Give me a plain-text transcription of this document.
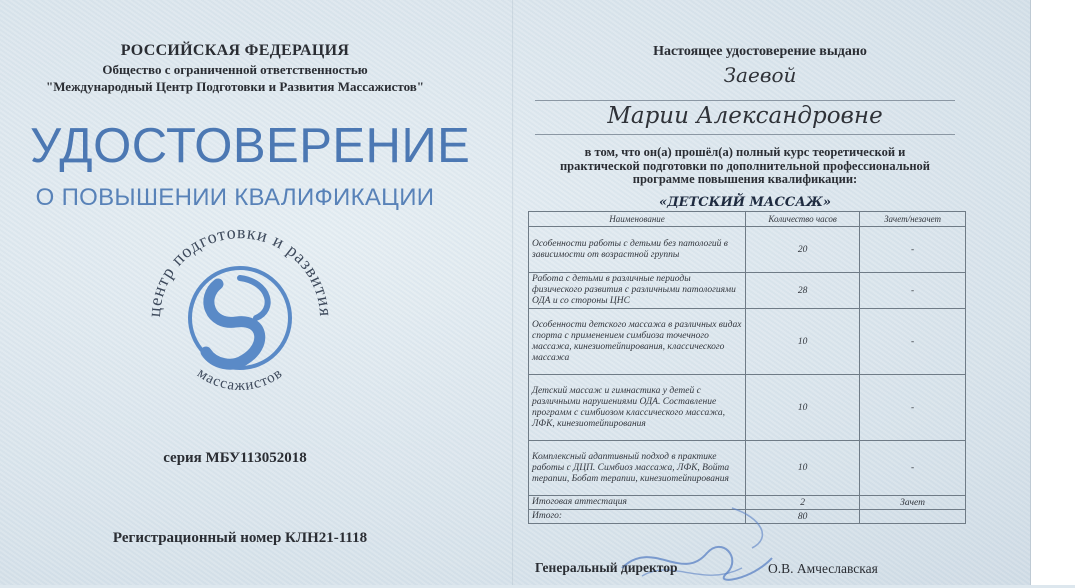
РОССИЙСКАЯ ФЕДЕРАЦИЯ
Общество с ограниченной ответственностью
"Международный Центр Подготовки и Развития Массажистов"
УДОСТОВЕРЕНИЕ
О ПОВЫШЕНИИ КВАЛИФИКАЦИИ
центр подготовки и развития
массажистов
серия МБУ113052018
Регистрационный номер КЛН21-1118
Настоящее удостоверение выдано
Заевой
Марии Александровне
в том, что он(а) прошёл(а) полный курс теоретической и
практической подготовки по дополнительной профессиональной
программе повышения квалификации:
«ДЕТСКИЙ МАССАЖ»
Наименование	Количество часов	Зачет/незачет
Особенности работы с детьми без патологий в зависимости от возрастной группы	20	-
Работа с детьми в различные периоды физического развития с различными патологиями ОДА и со стороны ЦНС	28	-
Особенности детского массажа в различных видах спорта с применением симбиоза точечного массажа, кинезиотейпирования, классического массажа	10	-
Детский массаж и гимнастика у детей с различными нарушениями ОДА. Составление программ с симбиозом классического массажа, ЛФК, кинезиотейпирования	10	-
Комплексный адаптивный подход в практике работы с ДЦП. Симбиоз массажа, ЛФК, Войта терапии, Бобат терапии, кинезиотейпирования	10	-
Итоговая аттестация	2	Зачет
Итого:	80	
Генеральный директор	О.В. Амчеславская
